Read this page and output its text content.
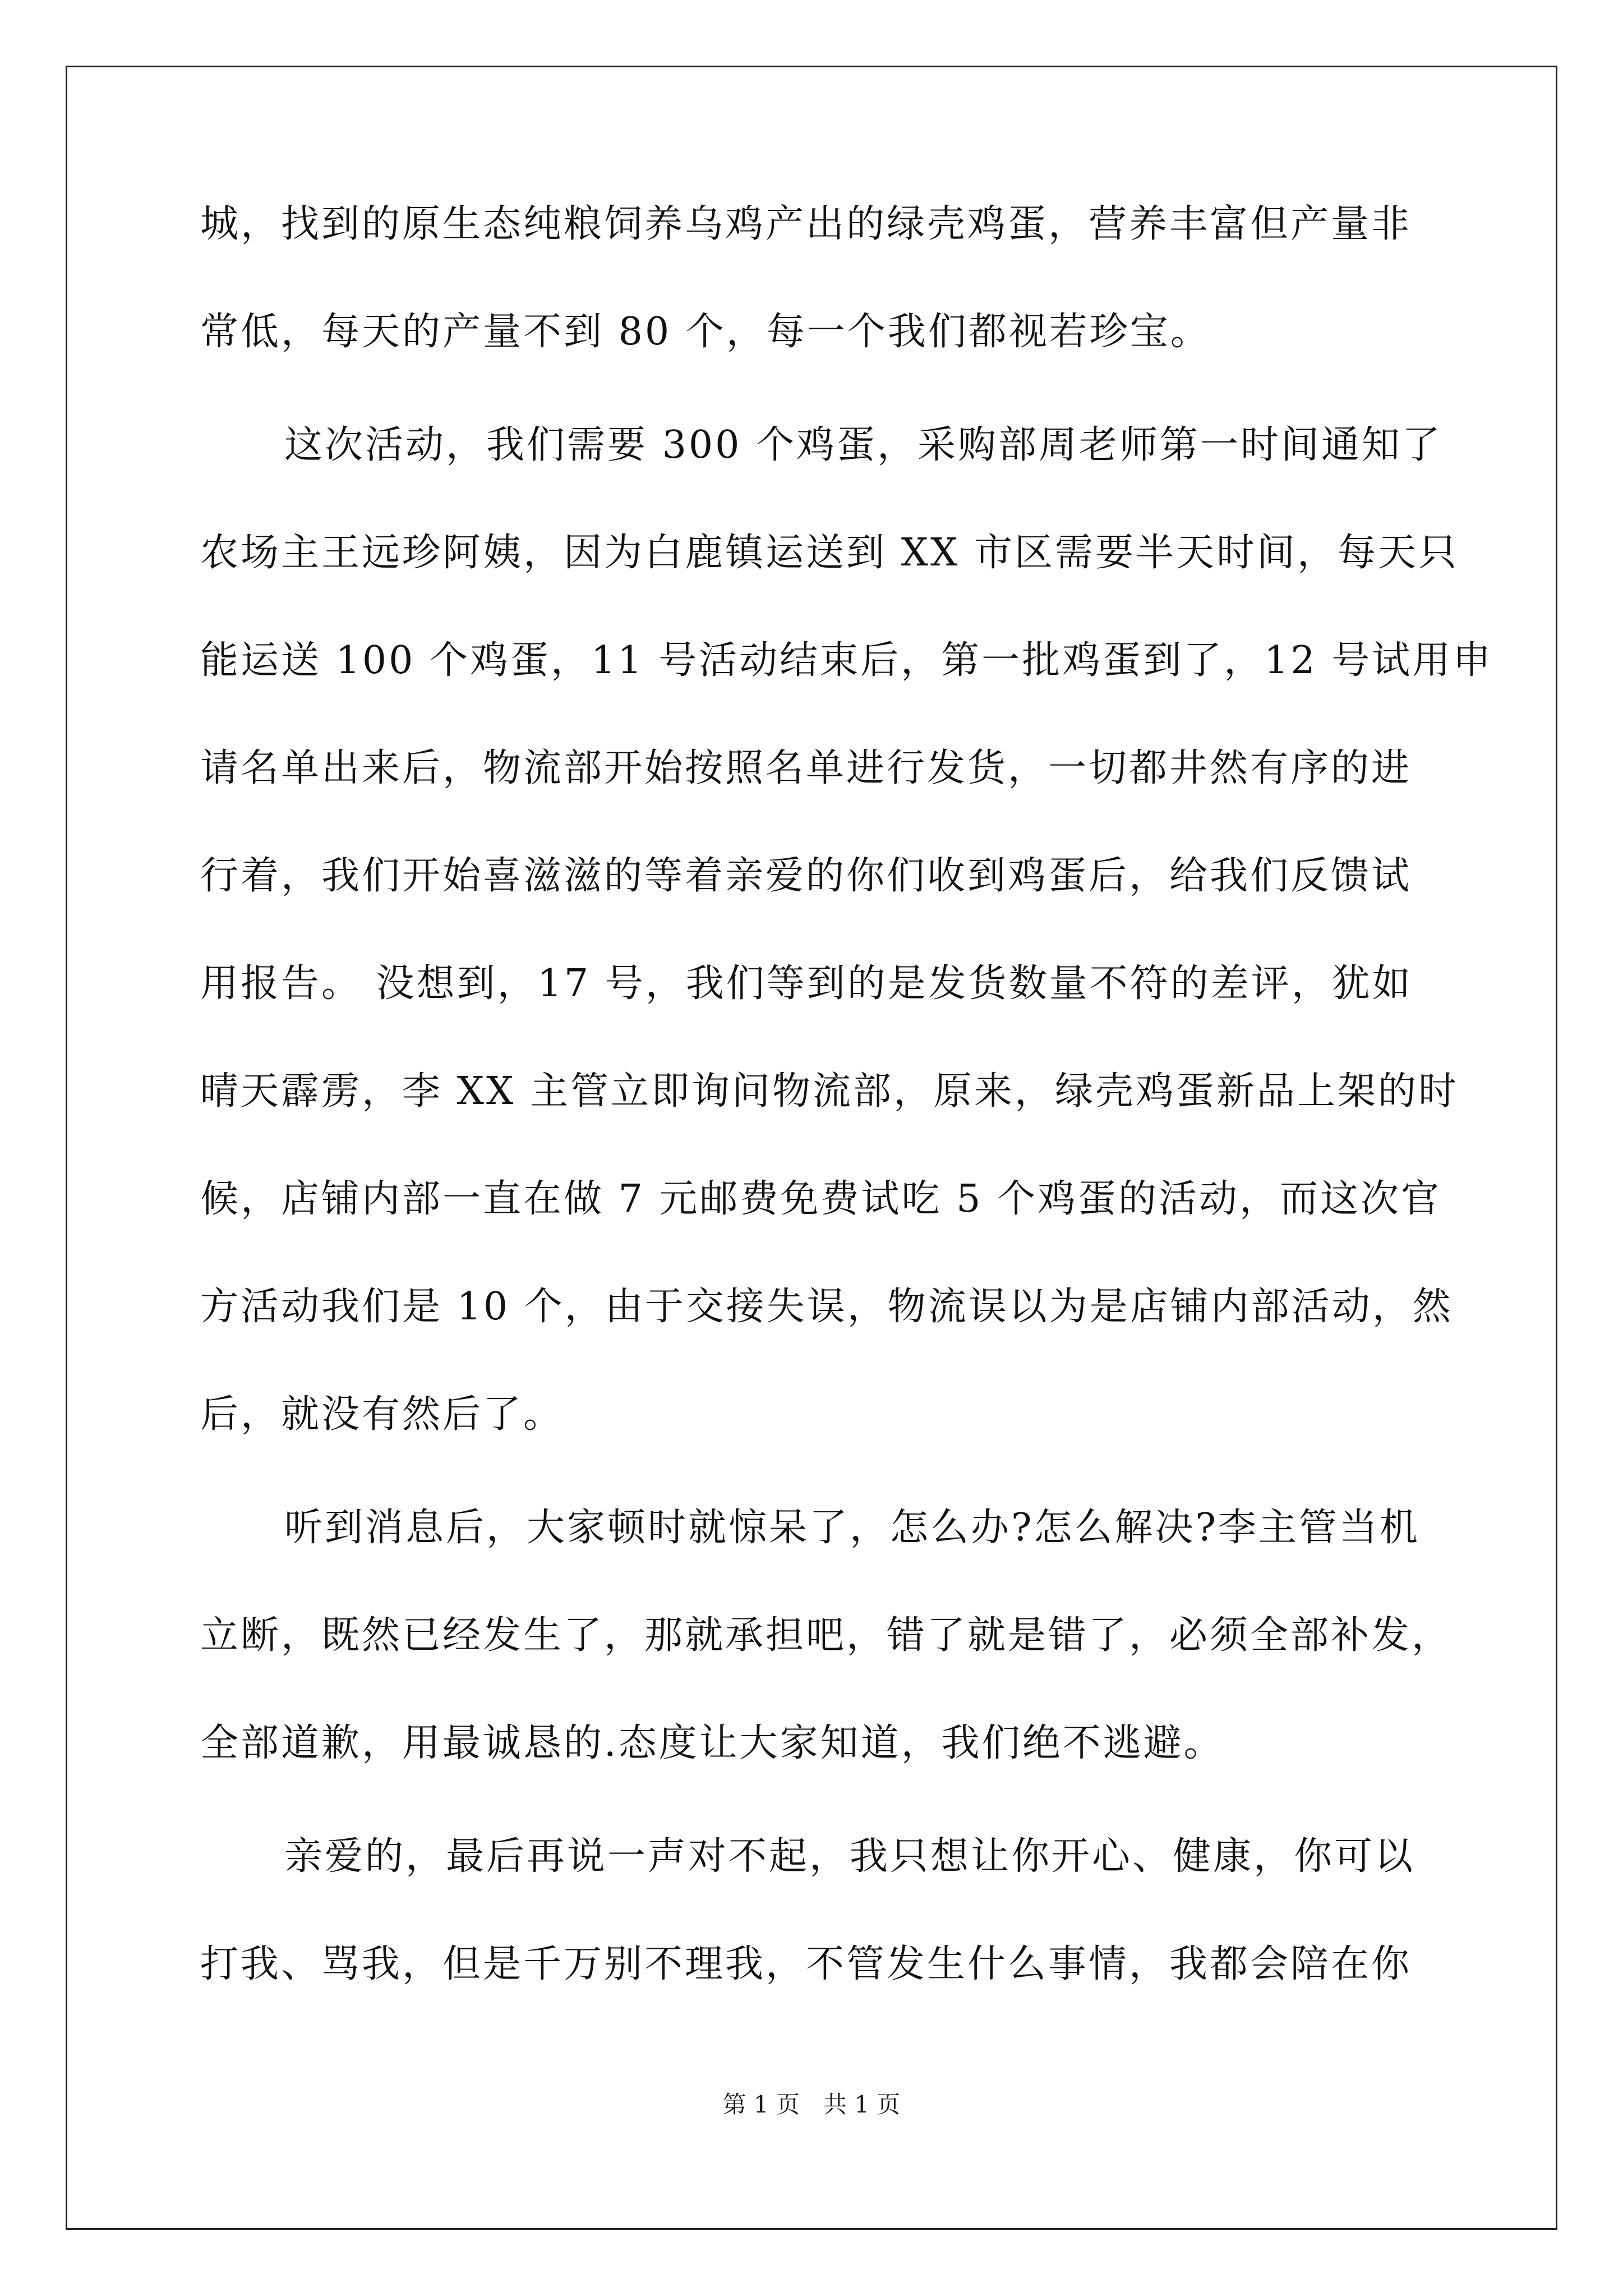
城，找到的原生态纯粮饲养乌鸡产出的绿壳鸡蛋，营养丰富但产量非
常低，每天的产量不到 80 个，每一个我们都视若珍宝。
这次活动，我们需要 300 个鸡蛋，采购部周老师第一时间通知了
农场主王远珍阿姨，因为白鹿镇运送到 XX 市区需要半天时间，每天只
能运送 100 个鸡蛋，11 号活动结束后，第一批鸡蛋到了，12 号试用申
请名单出来后，物流部开始按照名单进行发货，一切都井然有序的进
行着，我们开始喜滋滋的等着亲爱的你们收到鸡蛋后，给我们反馈试
用报告。 没想到，17 号，我们等到的是发货数量不符的差评，犹如
晴天霹雳，李 XX 主管立即询问物流部，原来，绿壳鸡蛋新品上架的时
候，店铺内部一直在做 7 元邮费免费试吃 5 个鸡蛋的活动，而这次官
方活动我们是 10 个，由于交接失误，物流误以为是店铺内部活动，然
后，就没有然后了。
听到消息后，大家顿时就惊呆了，怎么办?怎么解决?李主管当机
立断，既然已经发生了，那就承担吧，错了就是错了，必须全部补发，
全部道歉，用最诚恳的.态度让大家知道，我们绝不逃避。
亲爱的，最后再说一声对不起，我只想让你开心、健康，你可以
打我、骂我，但是千万别不理我，不管发生什么事情，我都会陪在你
第 1 页　共 1 页
